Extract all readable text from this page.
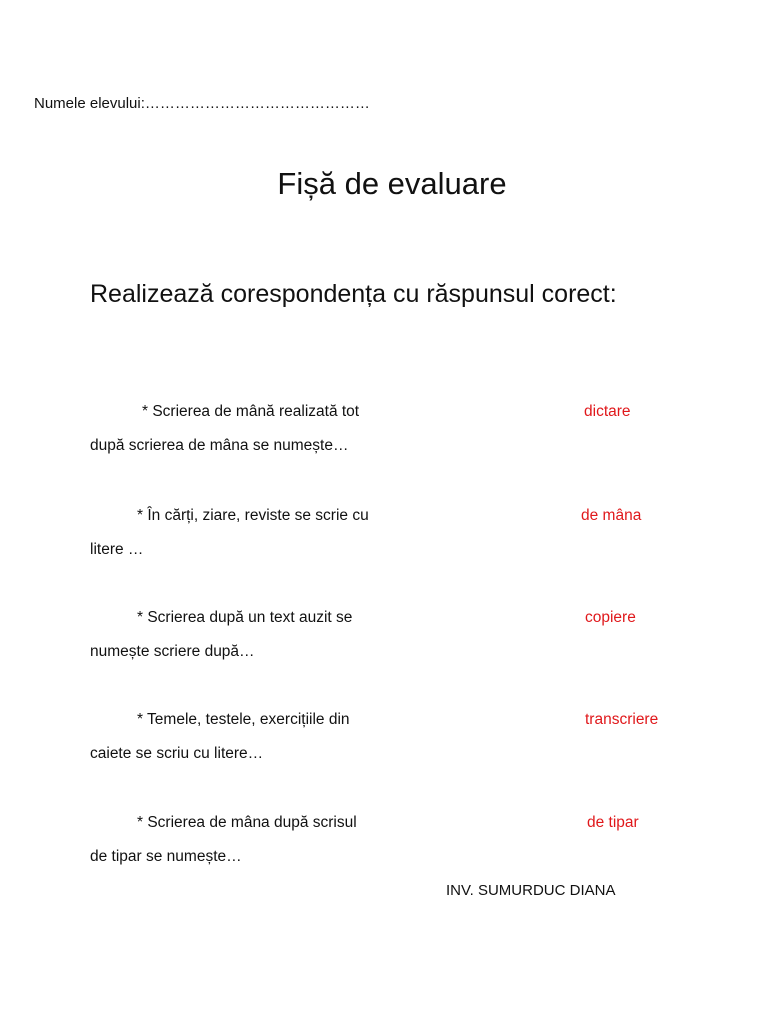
Numele elevului:………………………………………
Fișă de evaluare
Realizează corespondența cu răspunsul corect:
* Scrierea de mână realizată tot
după scrierea de mâna se numește…
* În cărți, ziare, reviste se scrie cu
litere …
* Scrierea după un text auzit se
numește scriere după…
* Temele, testele, exercițiile din
caiete se scriu cu litere…
* Scrierea de mâna după scrisul
de tipar se numește…
dictare
de mâna
copiere
transcriere
de tipar
INV. SUMURDUC DIANA
